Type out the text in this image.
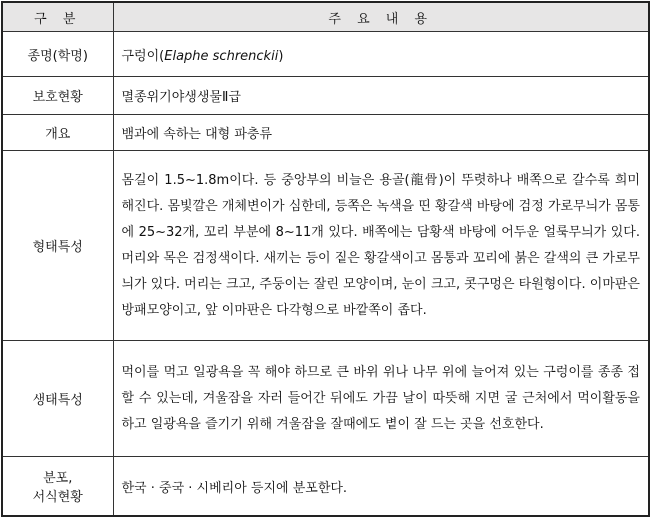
구 분	주 요 내 용
종명(학명)	구렁이(Elaphe schrenckii)
보호현황	멸종위기야생생물Ⅱ급
개요	뱀과에 속하는 대형 파충류
형태특성	몸길이 1.5~1.8m이다. 등 중앙부의 비늘은 용골(龍骨)이 뚜렷하나 배쪽으로 갈수록 희미해진다. 몸빛깔은 개체변이가 심한데, 등쪽은 녹색을 띤 황갈색 바탕에 검정 가로무늬가 몸통에 25~32개, 꼬리 부분에 8~11개 있다. 배쪽에는 담황색 바탕에 어두운 얼룩무늬가 있다. 머리와 목은 검정색이다. 새끼는 등이 짙은 황갈색이고 몸통과 꼬리에 붉은 갈색의 큰 가로무늬가 있다. 머리는 크고, 주둥이는 잘린 모양이며, 눈이 크고, 콧구멍은 타원형이다. 이마판은 방패모양이고, 앞 이마판은 다각형으로 바깥쪽이 좁다.
생태특성	먹이를 먹고 일광욕을 꼭 해야 하므로 큰 바위 위나 나무 위에 늘어져 있는 구렁이를 종종 접할 수 있는데, 겨울잠을 자러 들어간 뒤에도 가끔 날이 따뜻해 지면 굴 근처에서 먹이활동을 하고 일광욕을 즐기기 위해 겨울잠을 잘때에도 볕이 잘 드는 곳을 선호한다.

분포,
서식현황	한국 · 중국 · 시베리아 등지에 분포한다.
